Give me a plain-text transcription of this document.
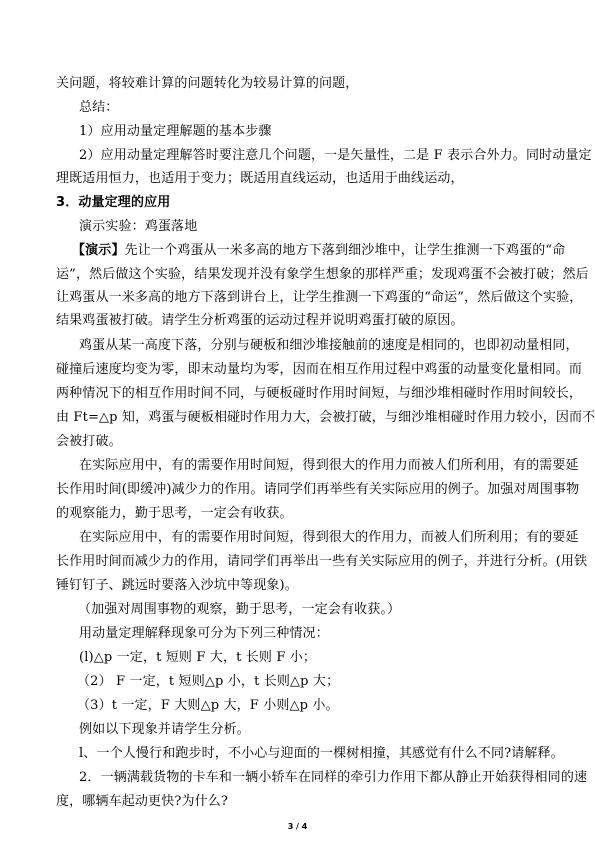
关问题，将较难计算的问题转化为较易计算的问题，
总结：
1）应用动量定理解题的基本步骤
2）应用动量定理解答时要注意几个问题，一是矢量性，二是 F 表示合外力。同时动量定
理既适用恒力，也适用于变力；既适用直线运动，也适用于曲线运动，
3．动量定理的应用
演示实验：鸡蛋落地
【演示】先让一个鸡蛋从一米多高的地方下落到细沙堆中，让学生推测一下鸡蛋的“命
运”，然后做这个实验，结果发现并没有象学生想象的那样严重；发现鸡蛋不会被打破；然后
让鸡蛋从一米多高的地方下落到讲台上，让学生推测一下鸡蛋的“命运”，然后做这个实验，
结果鸡蛋被打破。请学生分析鸡蛋的运动过程并说明鸡蛋打破的原因。
鸡蛋从某一高度下落，分别与硬板和细沙堆接触前的速度是相同的，也即初动量相同，
碰撞后速度均变为零，即末动量均为零，因而在相互作用过程中鸡蛋的动量变化量相同。而
两种情况下的相互作用时间不同，与硬板碰时作用时间短，与细沙堆相碰时作用时间较长，
由 Ft=△p 知，鸡蛋与硬板相碰时作用力大，会被打破，与细沙堆相碰时作用力较小，因而不
会被打破。
在实际应用中，有的需要作用时间短，得到很大的作用力而被人们所利用，有的需要延
长作用时间(即缓冲)减少力的作用。请同学们再举些有关实际应用的例子。加强对周围事物
的观察能力，勤于思考，一定会有收获。
在实际应用中，有的需要作用时间短，得到很大的作用力，而被人们所利用；有的要延
长作用时间而减少力的作用，请同学们再举出一些有关实际应用的例子，并进行分析。(用铁
锤钉钉子、跳远时要落入沙坑中等现象)。
（加强对周围事物的观察，勤于思考，一定会有收获。）
用动量定理解释现象可分为下列三种情况：
(l)△p 一定，t 短则 F 大，t 长则 F 小；
（2） F 一定，t 短则△p 小，t 长则△p 大；
（3）t 一定，F 大则△p 大，F 小则△p 小。
例如以下现象并请学生分析。
l、一个人慢行和跑步时，不小心与迎面的一棵树相撞，其感觉有什么不同?请解释。
2．一辆满载货物的卡车和一辆小轿车在同样的牵引力作用下都从静止开始获得相同的速
度，哪辆车起动更快?为什么?
3 / 4
